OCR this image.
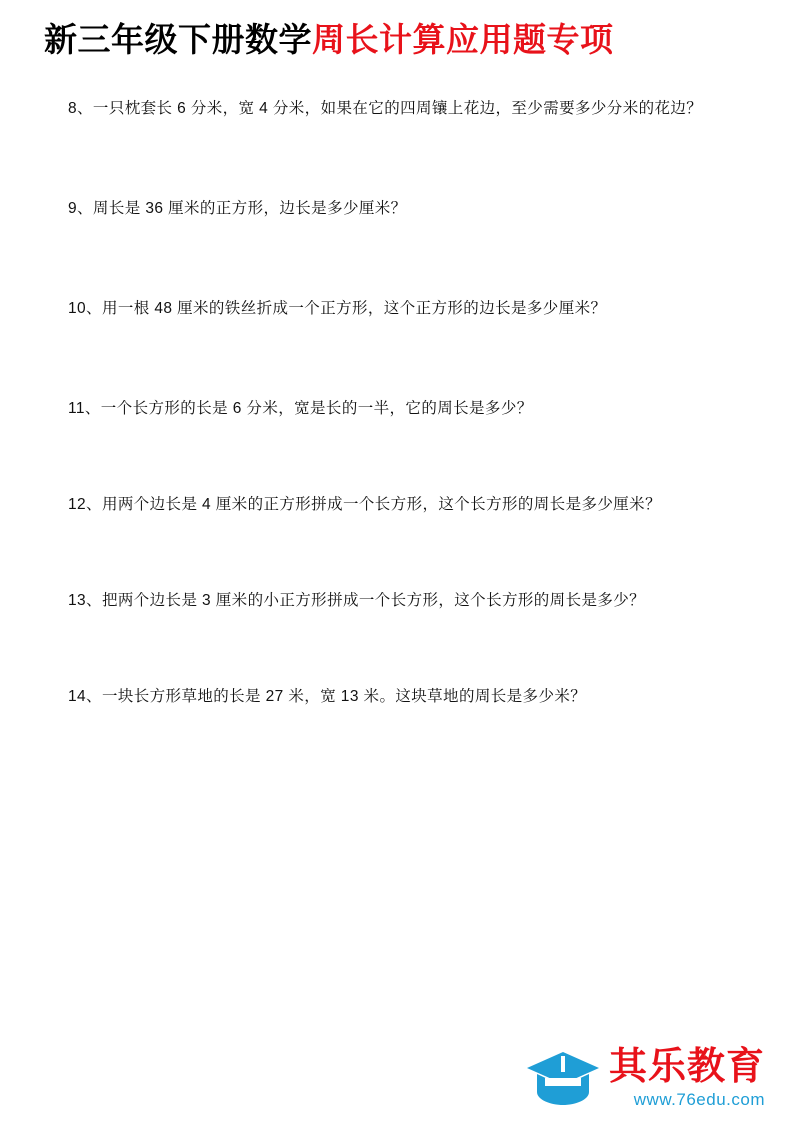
新三年级下册数学周长计算应用题专项

8、一只枕套长 6 分米，宽 4 分米，如果在它的四周镶上花边，至少需要多少分米的花边？

9、周长是 36 厘米的正方形，边长是多少厘米？

10、用一根 48 厘米的铁丝折成一个正方形，这个正方形的边长是多少厘米？

11、一个长方形的长是 6 分米，宽是长的一半，它的周长是多少？

12、用两个边长是 4 厘米的正方形拼成一个长方形，这个长方形的周长是多少厘米？

13、把两个边长是 3 厘米的小正方形拼成一个长方形，这个长方形的周长是多少？

14、一块长方形草地的长是 27 米，宽 13 米。这块草地的周长是多少米？

其乐教育
www.76edu.com
